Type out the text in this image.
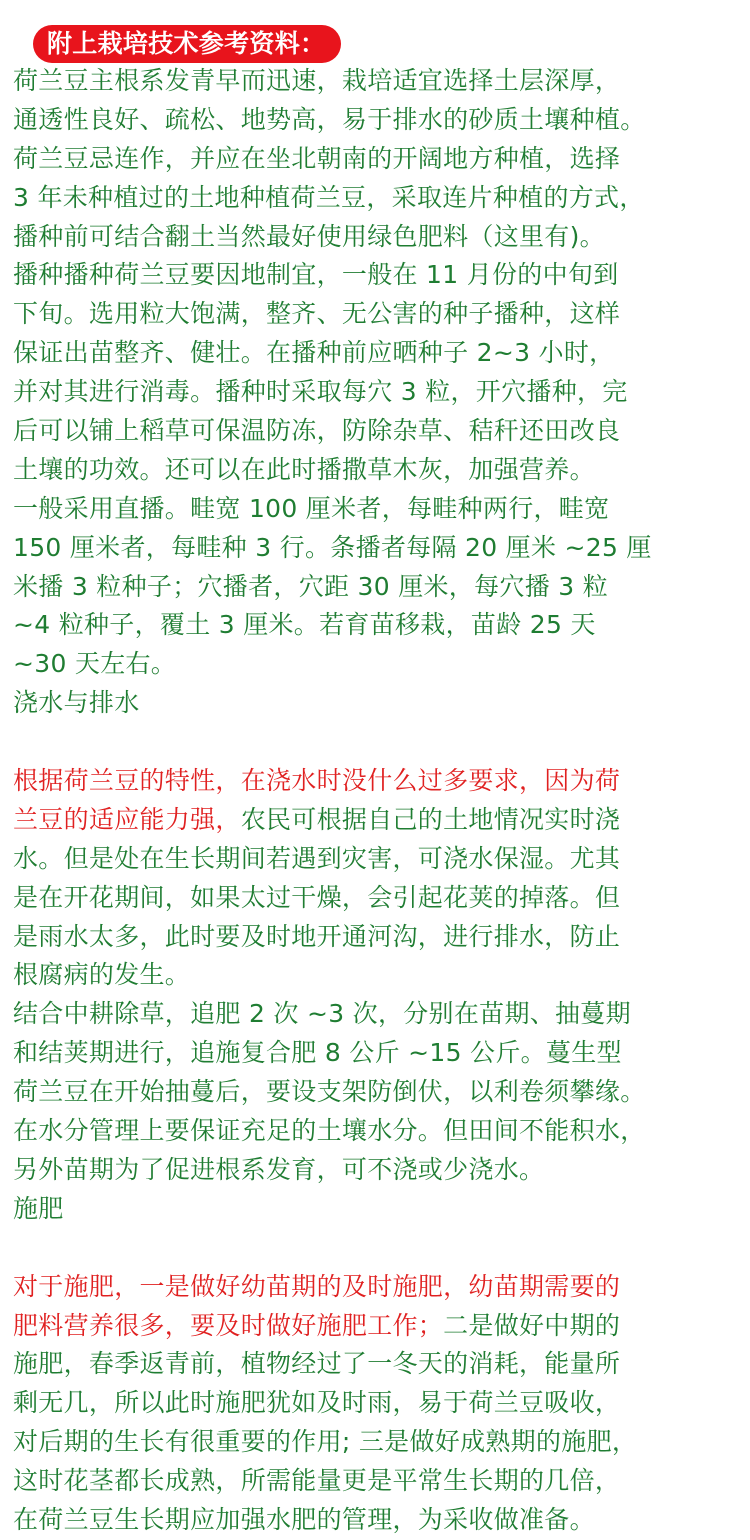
附上栽培技术参考资料：
荷兰豆主根系发青早而迅速，栽培适宜选择土层深厚，
通透性良好、疏松、地势高，易于排水的砂质土壤种植。
荷兰豆忌连作，并应在坐北朝南的开阔地方种植，选择
3 年未种植过的土地种植荷兰豆，采取连片种植的方式，
播种前可结合翻土当然最好使用绿色肥料（这里有)。
播种播种荷兰豆要因地制宜，一般在 11 月份的中旬到
下旬。选用粒大饱满，整齐、无公害的种子播种，这样
保证出苗整齐、健壮。在播种前应晒种子 2~3 小时，
并对其进行消毒。播种时采取每穴 3 粒，开穴播种，完
后可以铺上稻草可保温防冻，防除杂草、秸秆还田改良
土壤的功效。还可以在此时播撒草木灰，加强营养。
一般采用直播。畦宽 100 厘米者，每畦种两行，畦宽
150 厘米者，每畦种 3 行。条播者每隔 20 厘米 ~25 厘
米播 3 粒种子；穴播者，穴距 30 厘米，每穴播 3 粒
~4 粒种子，覆土 3 厘米。若育苗移栽，苗龄 25 天
~30 天左右。
浇水与排水
根据荷兰豆的特性，在浇水时没什么过多要求，因为荷
兰豆的适应能力强，农民可根据自己的土地情况实时浇
水。但是处在生长期间若遇到灾害，可浇水保湿。尤其
是在开花期间，如果太过干燥，会引起花荚的掉落。但
是雨水太多，此时要及时地开通河沟，进行排水，防止
根腐病的发生。
结合中耕除草，追肥 2 次 ~3 次，分别在苗期、抽蔓期
和结荚期进行，追施复合肥 8 公斤 ~15 公斤。蔓生型
荷兰豆在开始抽蔓后，要设支架防倒伏，以利卷须攀缘。
在水分管理上要保证充足的土壤水分。但田间不能积水，
另外苗期为了促进根系发育，可不浇或少浇水。
施肥
对于施肥，一是做好幼苗期的及时施肥，幼苗期需要的
肥料营养很多，要及时做好施肥工作；二是做好中期的
施肥，春季返青前，植物经过了一冬天的消耗，能量所
剩无几，所以此时施肥犹如及时雨，易于荷兰豆吸收，
对后期的生长有很重要的作用; 三是做好成熟期的施肥，
这时花茎都长成熟，所需能量更是平常生长期的几倍，
在荷兰豆生长期应加强水肥的管理，为采收做准备。
